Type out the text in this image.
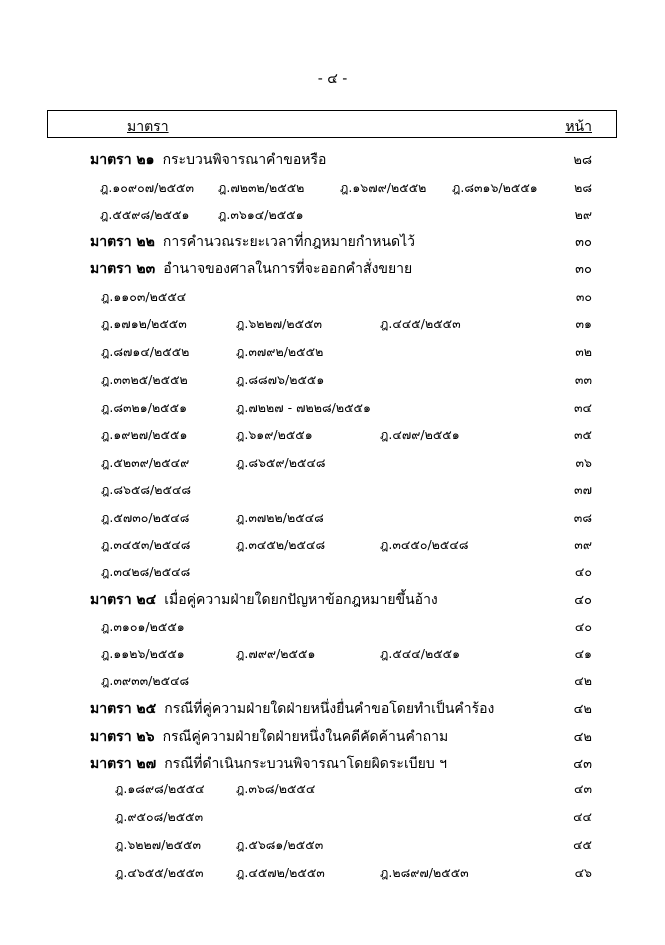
- ๔ -
มาตรา	หน้า
มาตรา ๒๑ กระบวนพิจารณาคำขอหรือ	๒๘
ฎ.๑๐๙๐๗/๒๕๕๓ ฎ.๗๒๓๒/๒๕๕๒	ฎ.๑๖๗๙/๒๕๕๒ ฎ.๘๓๑๖/๒๕๕๑	๒๘
ฎ.๕๕๙๘/๒๕๕๑ ฎ.๓๖๑๔/๒๕๕๑	๒๙
มาตรา ๒๒ การคำนวณระยะเวลาที่กฎหมายกำหนดไว้	๓๐
มาตรา ๒๓ อำนาจของศาลในการที่จะออกคำสั่งขยาย	๓๐
ฎ.๑๑๐๓/๒๕๕๔	๓๐
ฎ.๑๗๑๒/๒๕๕๓	ฎ.๖๒๒๗/๒๕๕๓	ฎ.๔๔๕/๒๕๕๓	๓๑
ฎ.๘๗๑๔/๒๕๕๒	ฎ.๓๗๙๒/๒๕๕๒	๓๒
ฎ.๓๓๒๕/๒๕๕๒	ฎ.๘๘๗๖/๒๕๕๑	๓๓
ฎ.๘๓๒๑/๒๕๕๑	ฎ.๗๒๒๗ - ๗๒๒๘/๒๕๕๑	๓๔
ฎ.๑๙๒๗/๒๕๕๑	ฎ.๖๑๙/๒๕๕๑	ฎ.๔๗๙/๒๕๕๑	๓๕
ฎ.๕๒๓๙/๒๕๔๙	ฎ.๘๖๕๙/๒๕๔๘	๓๖
ฎ.๘๖๕๘/๒๕๔๘	๓๗
ฎ.๕๗๓๐/๒๕๔๘	ฎ.๓๗๒๒/๒๕๔๘	๓๘
ฎ.๓๔๕๓/๒๕๔๘	ฎ.๓๔๕๒/๒๕๔๘	ฎ.๓๔๕๐/๒๕๔๘	๓๙
ฎ.๓๔๒๘/๒๕๔๘	๔๐
มาตรา ๒๔ เมื่อคู่ความฝ่ายใดยกปัญหาข้อกฎหมายขึ้นอ้าง	๔๐
ฎ.๓๑๐๑/๒๕๕๑	๔๐
ฎ.๑๑๒๖/๒๕๕๑	ฎ.๗๙๙/๒๕๕๑	ฎ.๕๔๔/๒๕๕๑	๔๑
ฎ.๓๙๓๓/๒๕๔๘	๔๒
มาตรา ๒๕ กรณีที่คู่ความฝ่ายใดฝ่ายหนึ่งยื่นคำขอโดยทำเป็นคำร้อง	๔๒
มาตรา ๒๖ กรณีคู่ความฝ่ายใดฝ่ายหนึ่งในคดีคัดค้านคำถาม	๔๒
มาตรา ๒๗ กรณีที่ดำเนินกระบวนพิจารณาโดยผิดระเบียบ ฯ	๔๓
ฎ.๑๘๙๘/๒๕๕๔	ฎ.๓๖๘/๒๕๕๔	๔๓
ฎ.๙๕๐๘/๒๕๕๓	๔๔
ฎ.๖๒๒๗/๒๕๕๓	ฎ.๕๖๘๑/๒๕๕๓	๔๕
ฎ.๔๖๕๕/๒๕๕๓	ฎ.๔๕๗๒/๒๕๕๓	ฎ.๒๘๙๗/๒๕๕๓	๔๖
